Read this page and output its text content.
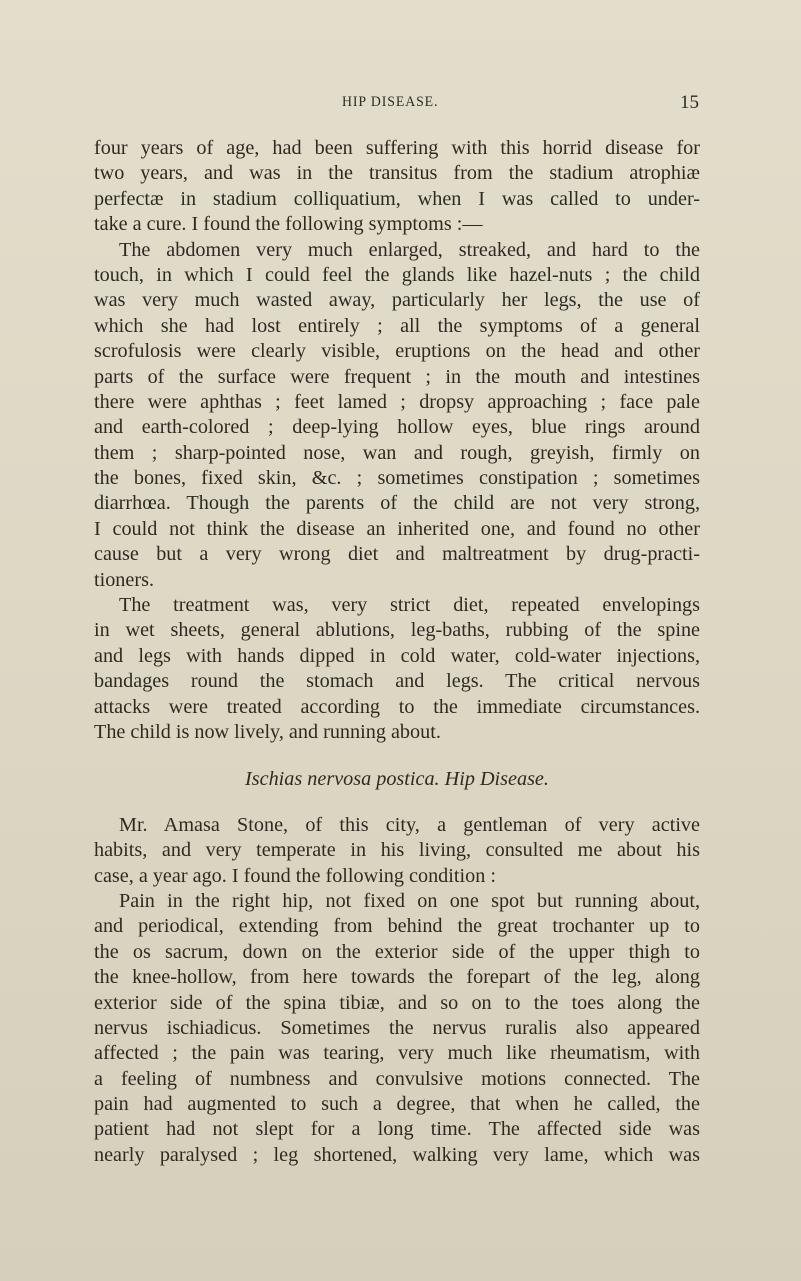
HIP DISEASE.	15
four years of age, had been suffering with this horrid disease for
two years, and was in the transitus from the stadium atrophiæ
perfectæ in stadium colliquatium, when I was called to under-
take a cure. I found the following symptoms :—
The abdomen very much enlarged, streaked, and hard to the
touch, in which I could feel the glands like hazel-nuts ; the child
was very much wasted away, particularly her legs, the use of
which she had lost entirely ; all the symptoms of a general
scrofulosis were clearly visible, eruptions on the head and other
parts of the surface were frequent ; in the mouth and intestines
there were aphthas ; feet lamed ; dropsy approaching ; face pale
and earth-colored ; deep-lying hollow eyes, blue rings around
them ; sharp-pointed nose, wan and rough, greyish, firmly on
the bones, fixed skin, &c. ; sometimes constipation ; sometimes
diarrhœa. Though the parents of the child are not very strong,
I could not think the disease an inherited one, and found no other
cause but a very wrong diet and maltreatment by drug-practi-
tioners.
The treatment was, very strict diet, repeated envelopings
in wet sheets, general ablutions, leg-baths, rubbing of the spine
and legs with hands dipped in cold water, cold-water injections,
bandages round the stomach and legs. The critical nervous
attacks were treated according to the immediate circumstances.
The child is now lively, and running about.
Ischias nervosa postica. Hip Disease.
Mr. Amasa Stone, of this city, a gentleman of very active
habits, and very temperate in his living, consulted me about his
case, a year ago. I found the following condition :
Pain in the right hip, not fixed on one spot but running about,
and periodical, extending from behind the great trochanter up to
the os sacrum, down on the exterior side of the upper thigh to
the knee-hollow, from here towards the forepart of the leg, along
exterior side of the spina tibiæ, and so on to the toes along the
nervus ischiadicus. Sometimes the nervus ruralis also appeared
affected ; the pain was tearing, very much like rheumatism, with
a feeling of numbness and convulsive motions connected. The
pain had augmented to such a degree, that when he called, the
patient had not slept for a long time. The affected side was
nearly paralysed ; leg shortened, walking very lame, which was
